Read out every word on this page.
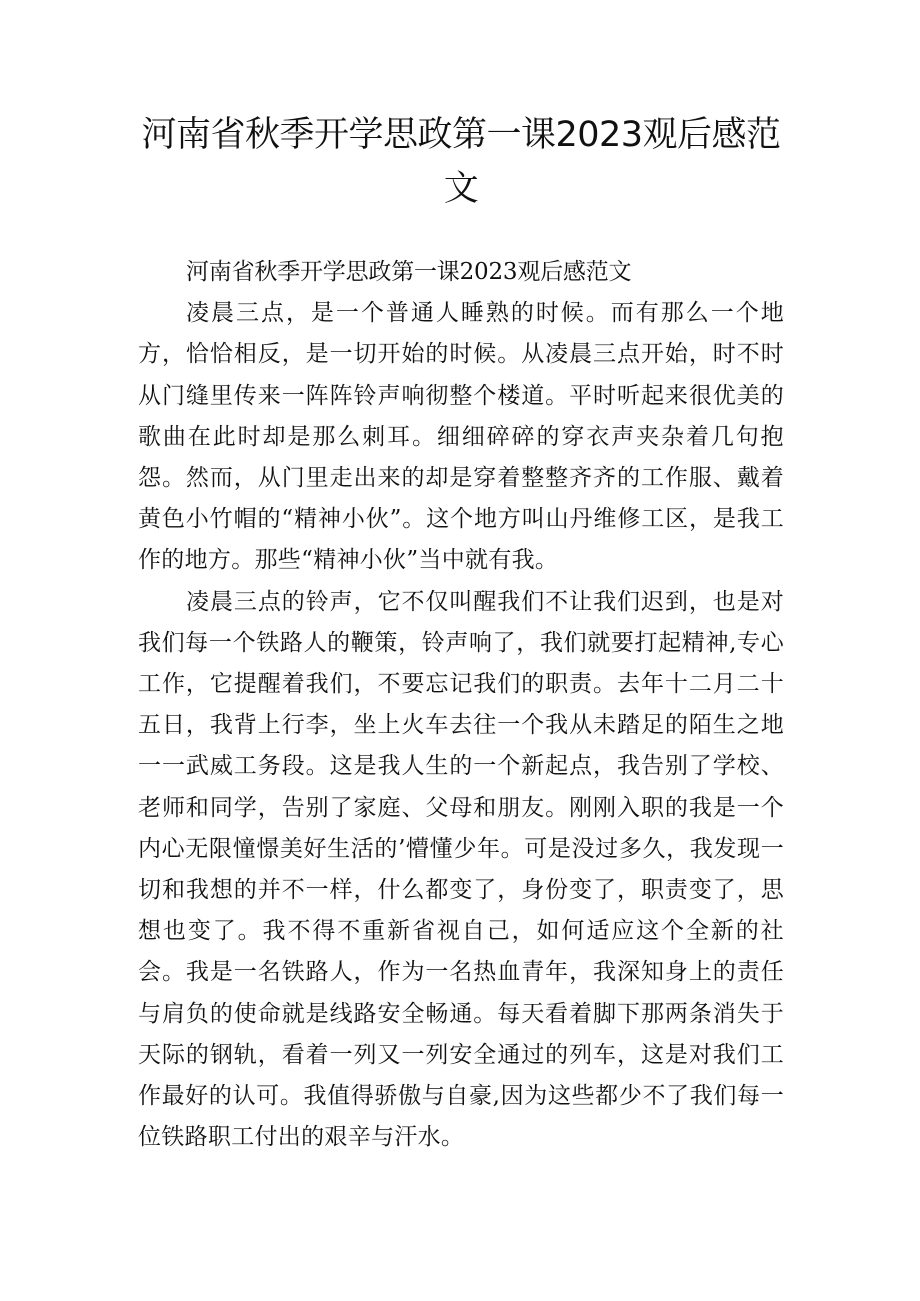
河南省秋季开学思政第一课2023观后感范
文

河南省秋季开学思政第一课2023观后感范文

凌晨三点，是一个普通人睡熟的时候。而有那么一个地方，恰恰相反，是一切开始的时候。从凌晨三点开始，时不时从门缝里传来一阵阵铃声响彻整个楼道。平时听起来很优美的歌曲在此时却是那么刺耳。细细碎碎的穿衣声夹杂着几句抱怨。然而，从门里走出来的却是穿着整整齐齐的工作服、戴着黄色小竹帽的“精神小伙”。这个地方叫山丹维修工区，是我工作的地方。那些“精神小伙”当中就有我。

凌晨三点的铃声，它不仅叫醒我们不让我们迟到，也是对我们每一个铁路人的鞭策，铃声响了，我们就要打起精神,专心工作，它提醒着我们，不要忘记我们的职责。去年十二月二十五日，我背上行李，坐上火车去往一个我从未踏足的陌生之地一一武威工务段。这是我人生的一个新起点，我告别了学校、老师和同学，告别了家庭、父母和朋友。刚刚入职的我是一个内心无限憧憬美好生活的’懵懂少年。可是没过多久，我发现一切和我想的并不一样，什么都变了，身份变了，职责变了，思想也变了。我不得不重新省视自己，如何适应这个全新的社会。我是一名铁路人，作为一名热血青年，我深知身上的责任与肩负的使命就是线路安全畅通。每天看着脚下那两条消失于天际的钢轨，看着一列又一列安全通过的列车，这是对我们工作最好的认可。我值得骄傲与自豪,因为这些都少不了我们每一位铁路职工付出的艰辛与汗水。
